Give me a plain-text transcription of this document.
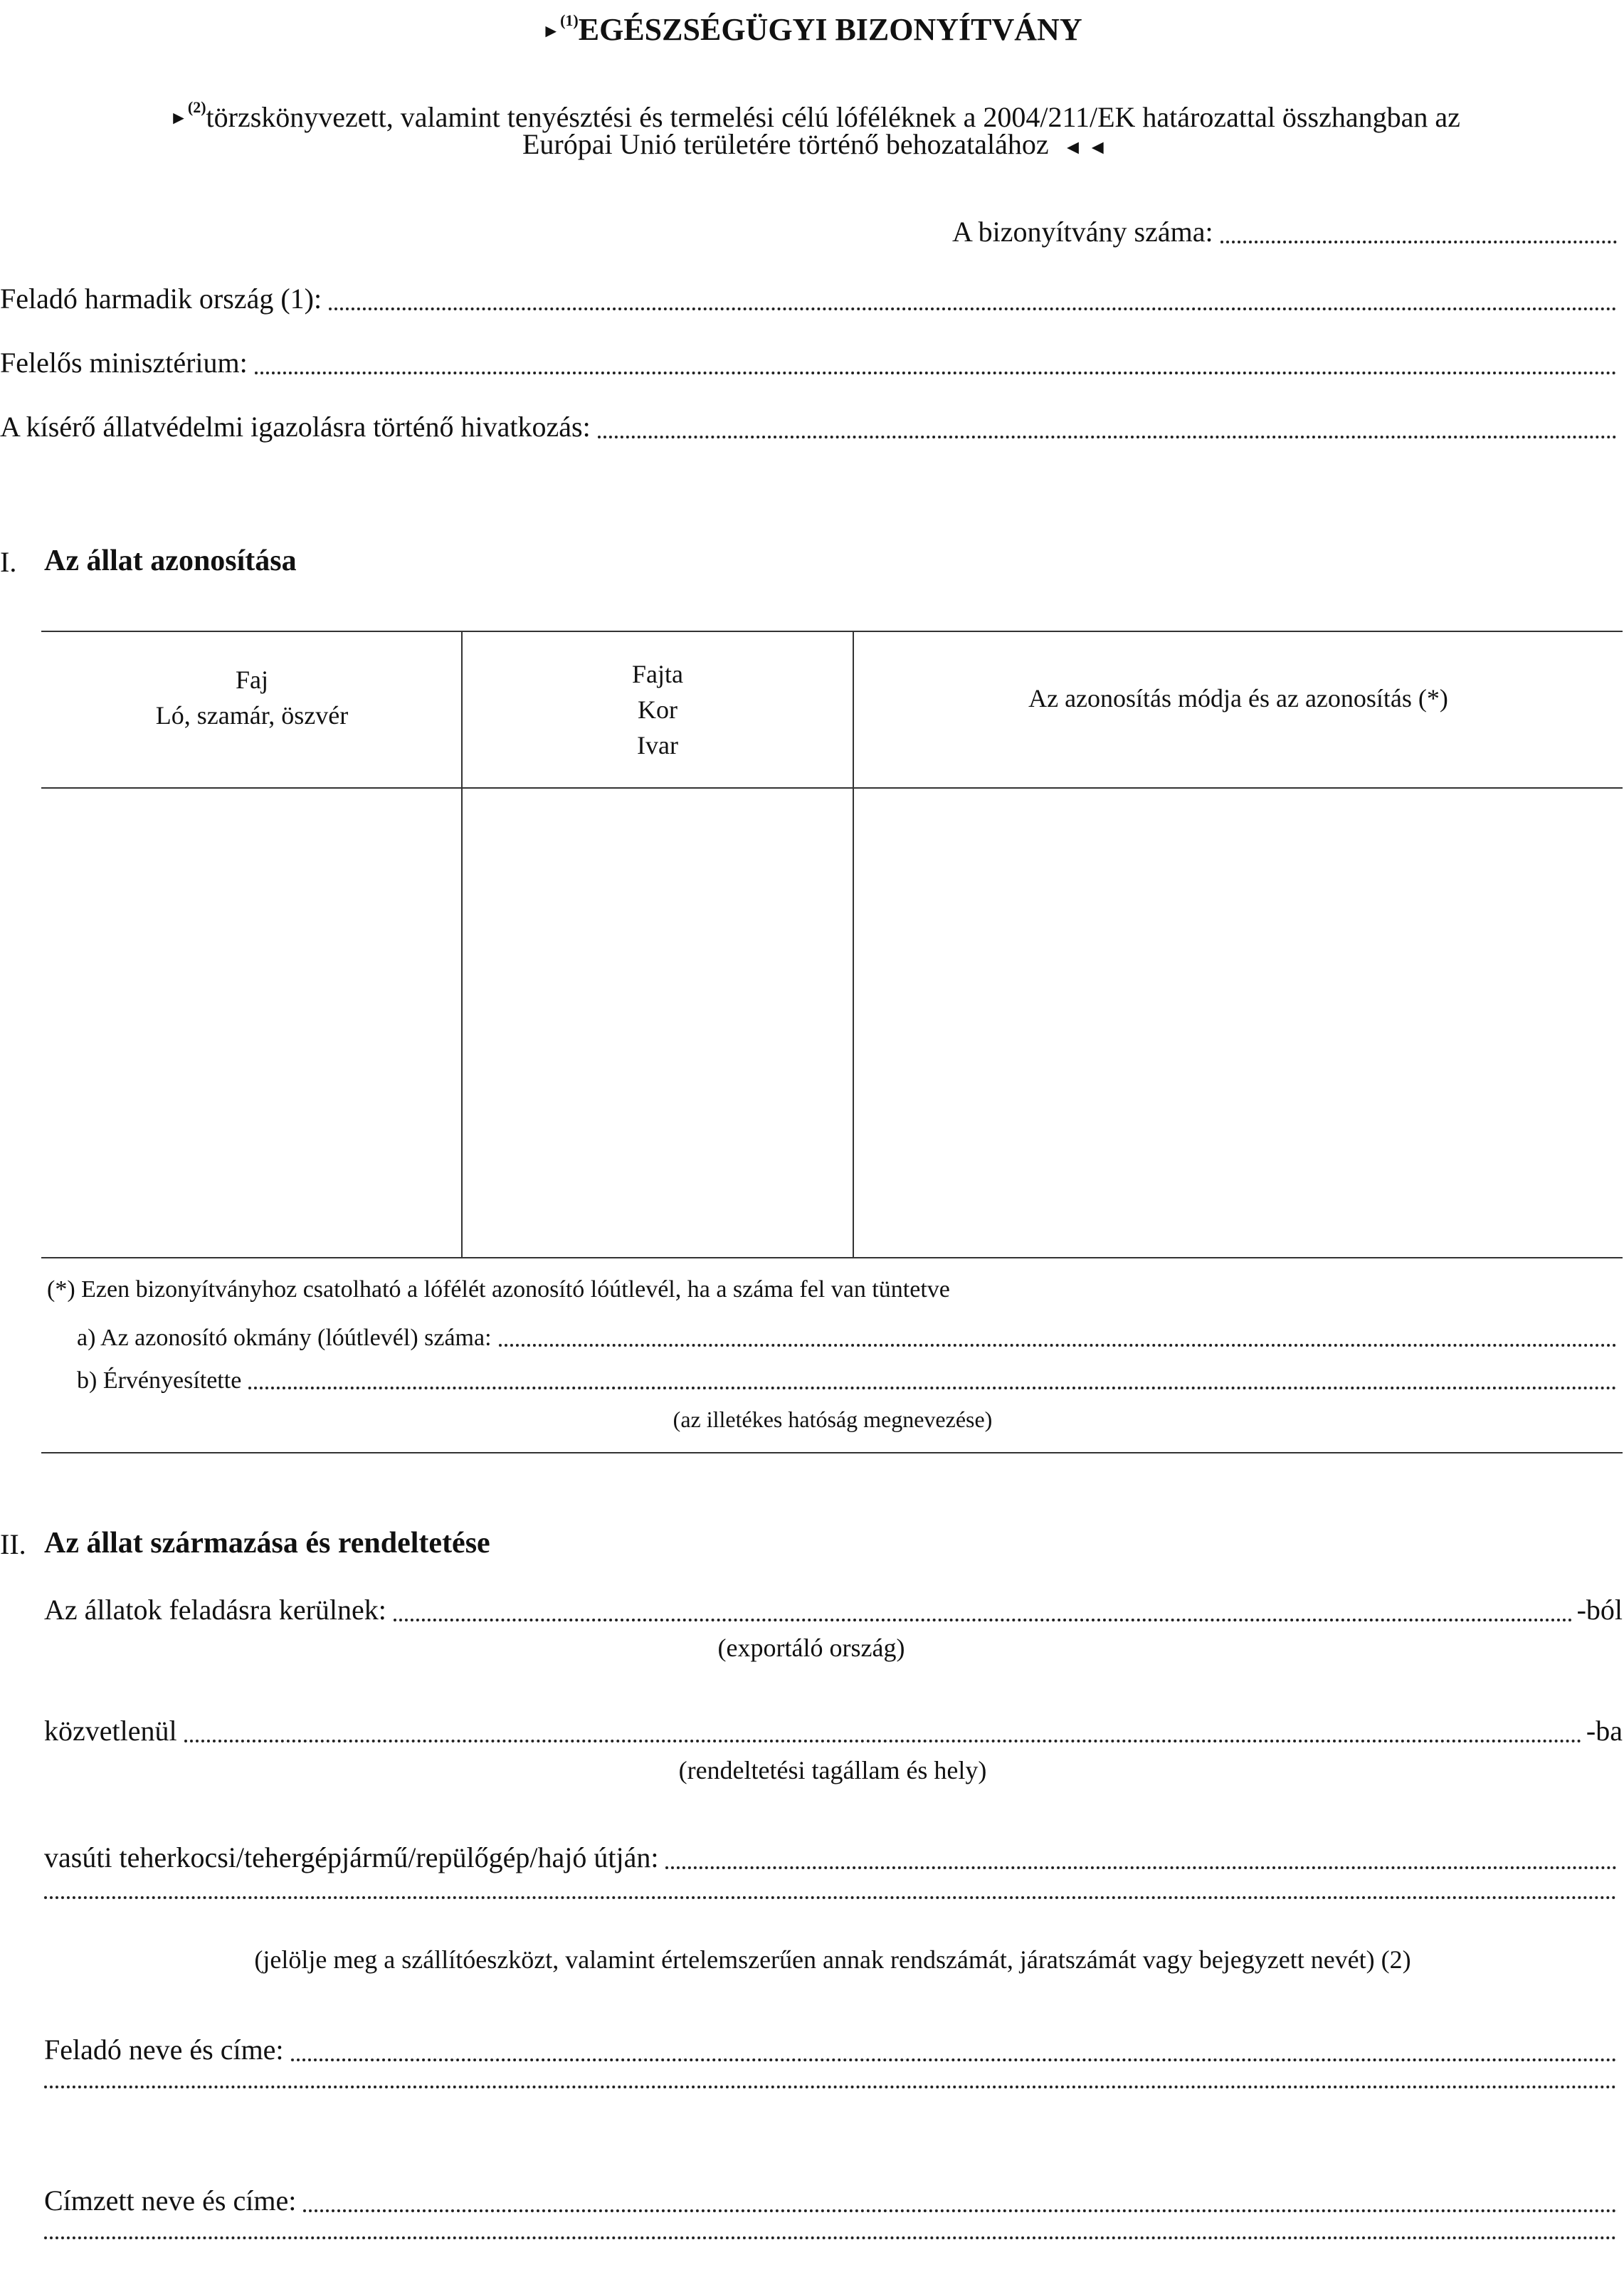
►$^{(1)}$EGÉSZSÉGÜGYI BIZONYÍTVÁNY
►$^{(2)}$törzskönyvezett, valamint tenyésztési és termelési célú lóféléknek a 2004/211/EK határozattal összhangban az
Európai Unió területére történő behozatalához ◄ ◄
A bizonyítvány száma:
Feladó harmadik ország (1):
Felelős minisztérium:
A kísérő állatvédelmi igazolásra történő hivatkozás:
I. Az állat azonosítása
Faj
Ló, szamár, öszvér
Fajta
Kor
Ivar
Az azonosítás módja és az azonosítás (*)
(*) Ezen bizonyítványhoz csatolható a lófélét azonosító lóútlevél, ha a száma fel van tüntetve
a) Az azonosító okmány (lóútlevél) száma:
b) Érvényesítette
(az illetékes hatóság megnevezése)
II. Az állat származása és rendeltetése
Az állatok feladásra kerülnek:	-ból
(exportáló ország)
közvetlenül	-ba
(rendeltetési tagállam és hely)
vasúti teherkocsi/tehergépjármű/repülőgép/hajó útján:
(jelölje meg a szállítóeszközt, valamint értelemszerűen annak rendszámát, járatszámát vagy bejegyzett nevét) (2)
Feladó neve és címe:
Címzett neve és címe:
